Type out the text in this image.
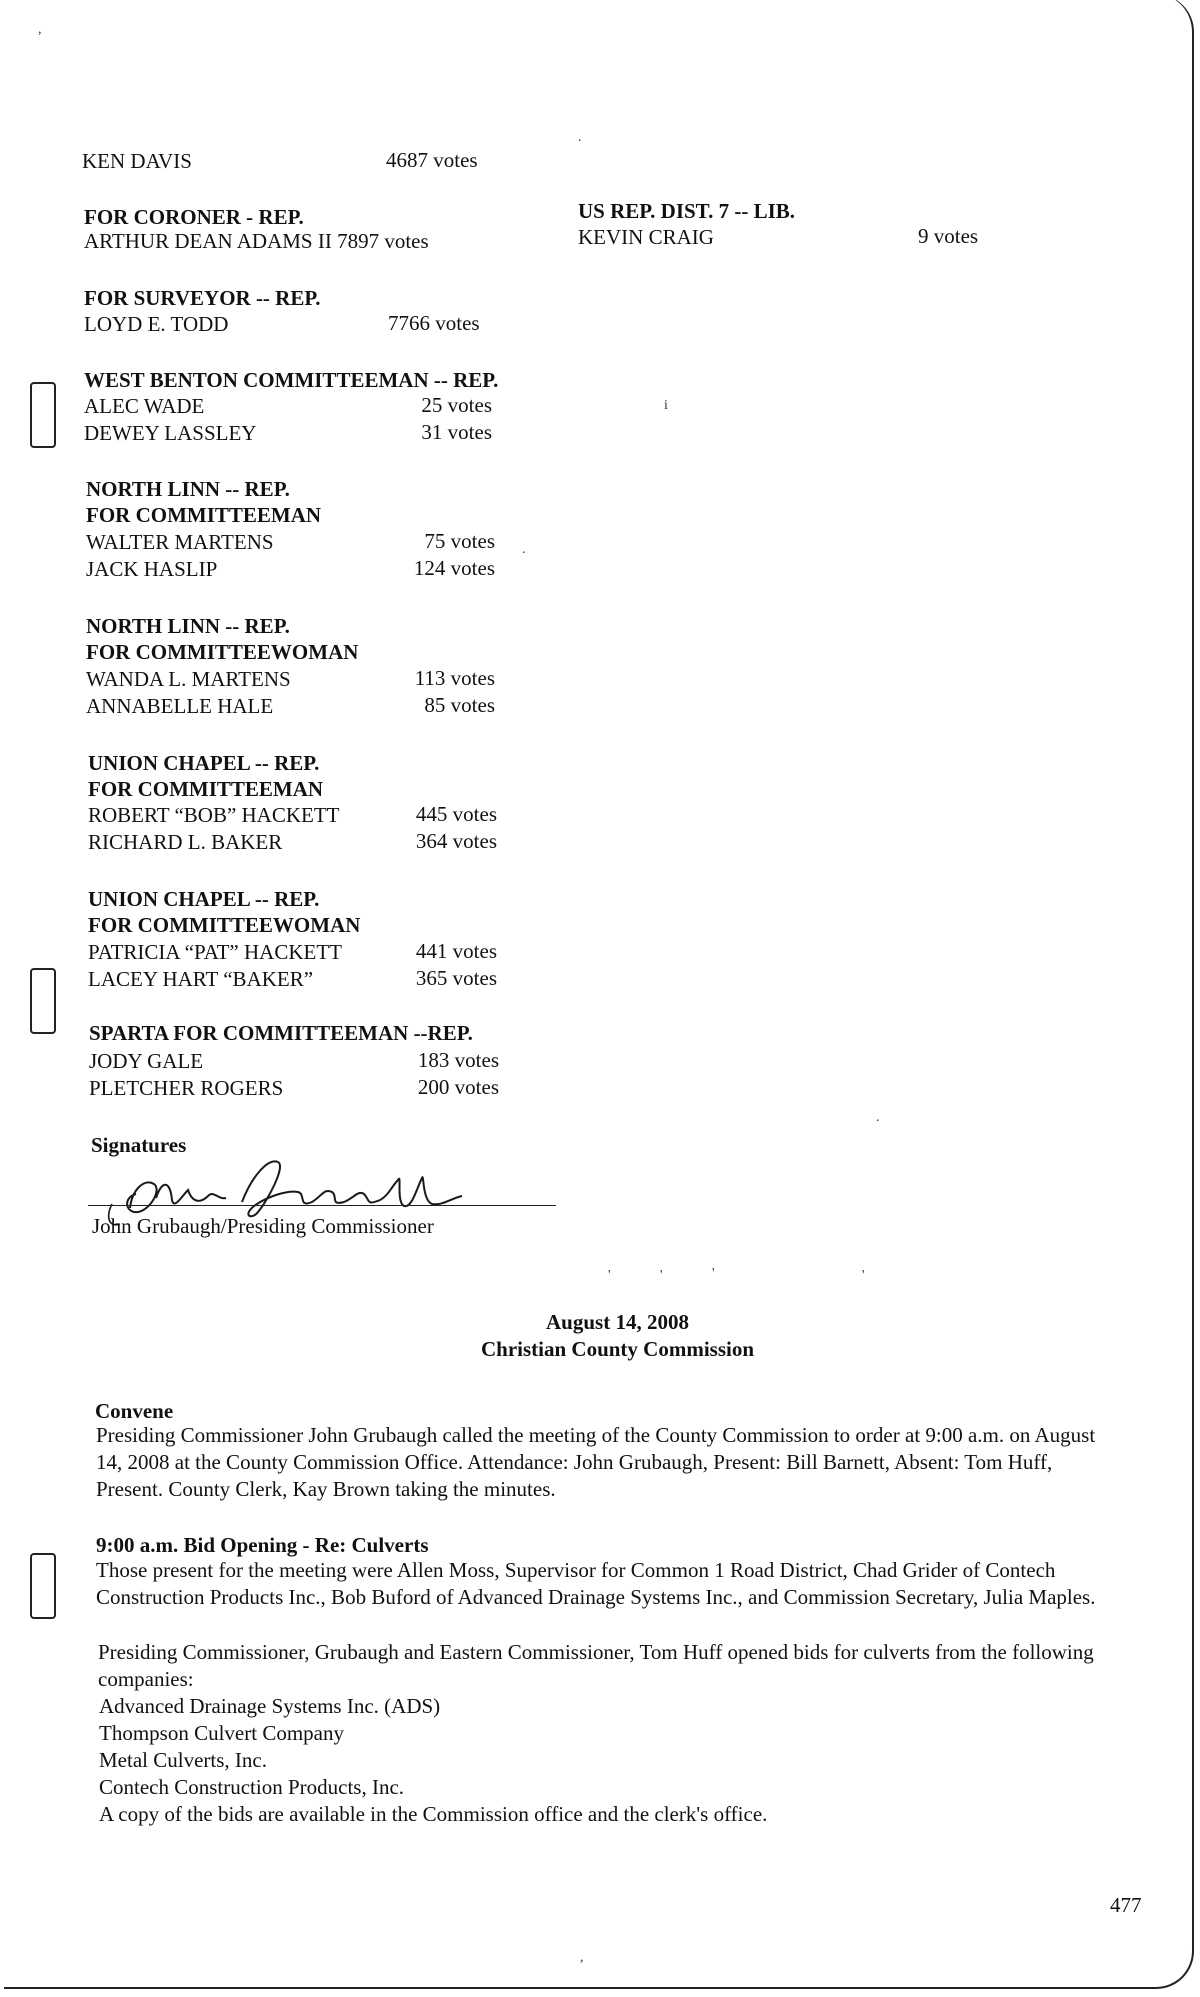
,
.
i
.
.
'	'	'	'
,
KEN DAVIS	4687 votes
FOR CORONER - REP.
ARTHUR DEAN ADAMS II 7897 votes
US REP. DIST. 7 -- LIB.
KEVIN CRAIG	9 votes
FOR SURVEYOR -- REP.
LOYD E. TODD	7766 votes
WEST BENTON COMMITTEEMAN -- REP.
ALEC WADE	25 votes
DEWEY LASSLEY	31 votes
NORTH LINN -- REP.
FOR COMMITTEEMAN
WALTER MARTENS	75 votes
JACK HASLIP	124 votes
NORTH LINN -- REP.
FOR COMMITTEEWOMAN
WANDA L. MARTENS	113 votes
ANNABELLE HALE	85 votes
UNION CHAPEL -- REP.
FOR COMMITTEEMAN
ROBERT “BOB” HACKETT	445 votes
RICHARD L. BAKER	364 votes
UNION CHAPEL -- REP.
FOR COMMITTEEWOMAN
PATRICIA “PAT” HACKETT	441 votes
LACEY HART “BAKER”	365 votes
SPARTA FOR COMMITTEEMAN --REP.
JODY GALE	183 votes
PLETCHER ROGERS	200 votes
Signatures
John Grubaugh/Presiding Commissioner
August 14, 2008
Christian County Commission
Convene
Presiding Commissioner John Grubaugh called the meeting of the County Commission to order at 9:00 a.m. on August 14, 2008 at the County Commission Office. Attendance: John Grubaugh, Present: Bill Barnett, Absent: Tom Huff, Present. County Clerk, Kay Brown taking the minutes.
9:00 a.m. Bid Opening - Re: Culverts
Those present for the meeting were Allen Moss, Supervisor for Common 1 Road District, Chad Grider of Contech Construction Products Inc., Bob Buford of Advanced Drainage Systems Inc., and Commission Secretary, Julia Maples.
Presiding Commissioner, Grubaugh and Eastern Commissioner, Tom Huff opened bids for culverts from the following companies:
Advanced Drainage Systems Inc. (ADS)
Thompson Culvert Company
Metal Culverts, Inc.
Contech Construction Products, Inc.
A copy of the bids are available in the Commission office and the clerk's office.
477
